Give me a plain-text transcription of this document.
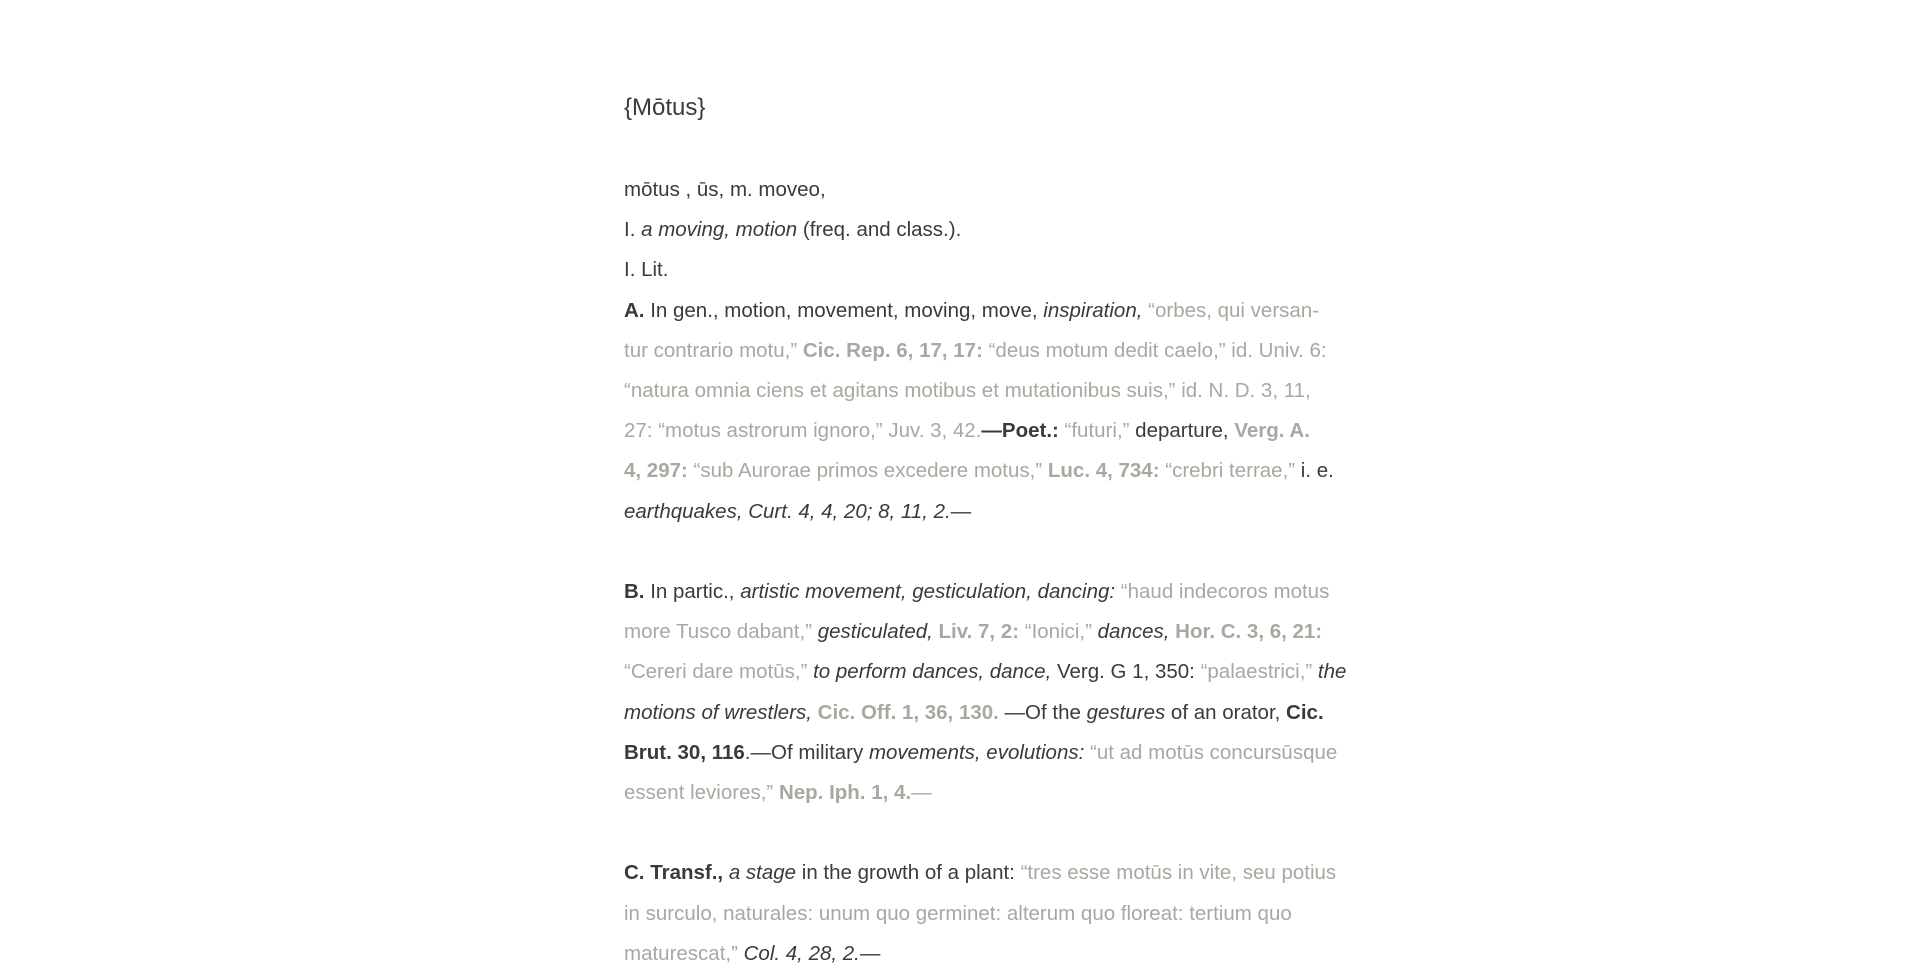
{Mōtus}
mōtus , ūs, m. moveo,
I. a moving, motion (freq. and class.).
I. Lit.
A. In gen., motion, movement, moving, move, inspiration, “orbes, qui versan-
tur contrario motu,” Cic. Rep. 6, 17, 17: “deus motum dedit caelo,” id. Univ. 6:
“natura omnia ciens et agitans motibus et mutationibus suis,” id. N. D. 3, 11,
27: “motus astrorum ignoro,” Juv. 3, 42.—Poet.: “futuri,” departure, Verg. A.
4, 297: “sub Aurorae primos excedere motus,” Luc. 4, 734: “crebri terrae,” i. e.
earthquakes, Curt. 4, 4, 20; 8, 11, 2.—
B. In partic., artistic movement, gesticulation, dancing: “haud indecoros motus
more Tusco dabant,” gesticulated, Liv. 7, 2: “Ionici,” dances, Hor. C. 3, 6, 21:
“Cereri dare motūs,” to perform dances, dance, Verg. G 1, 350: “palaestrici,” the
motions of wrestlers, Cic. Off. 1, 36, 130. —Of the gestures of an orator, Cic.
Brut. 30, 116.—Of military movements, evolutions: “ut ad motūs concursūsque
essent leviores,” Nep. Iph. 1, 4.—
C. Transf., a stage in the growth of a plant: “tres esse motūs in vite, seu potius
in surculo, naturales: unum quo germinet: alterum quo floreat: tertium quo
maturescat,” Col. 4, 28, 2.—
